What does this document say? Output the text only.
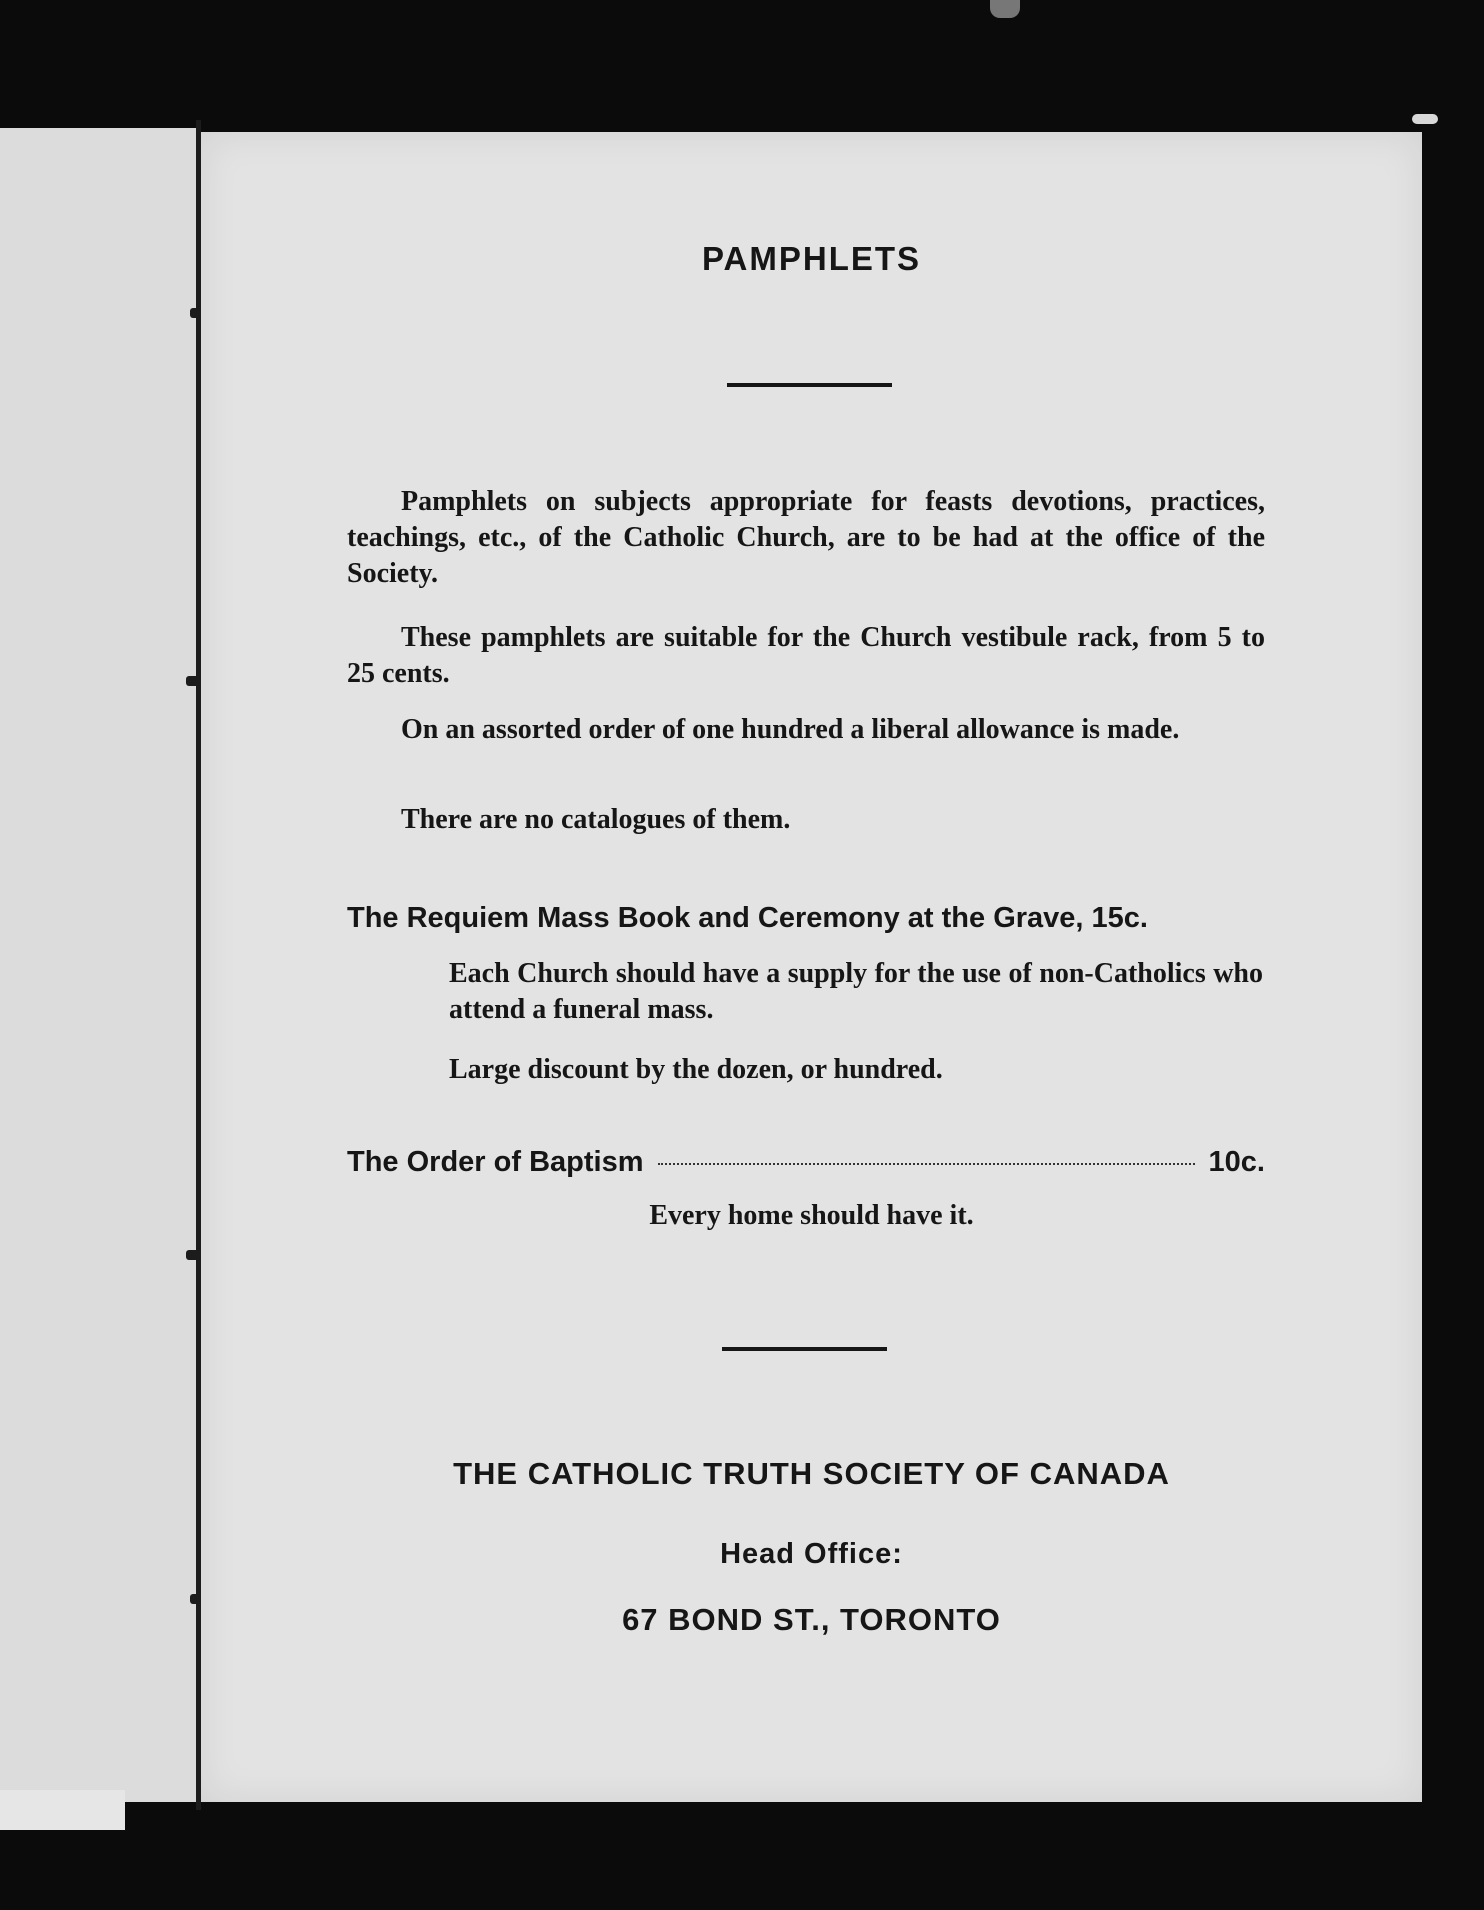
PAMPHLETS
Pamphlets on subjects appropriate for feasts devotions, practices, teachings, etc., of the Catholic Church, are to be had at the office of the Society.
These pamphlets are suitable for the Church vestibule rack, from 5 to 25 cents.
On an assorted order of one hundred a liberal allowance is made.
There are no catalogues of them.
The Requiem Mass Book and Ceremony at the Grave, 15c.
Each Church should have a supply for the use of non-Catholics who attend a funeral mass.
Large discount by the dozen, or hundred.
The Order of Baptism	10c.
Every home should have it.
THE CATHOLIC TRUTH SOCIETY OF CANADA
Head Office:
67 BOND ST., TORONTO
